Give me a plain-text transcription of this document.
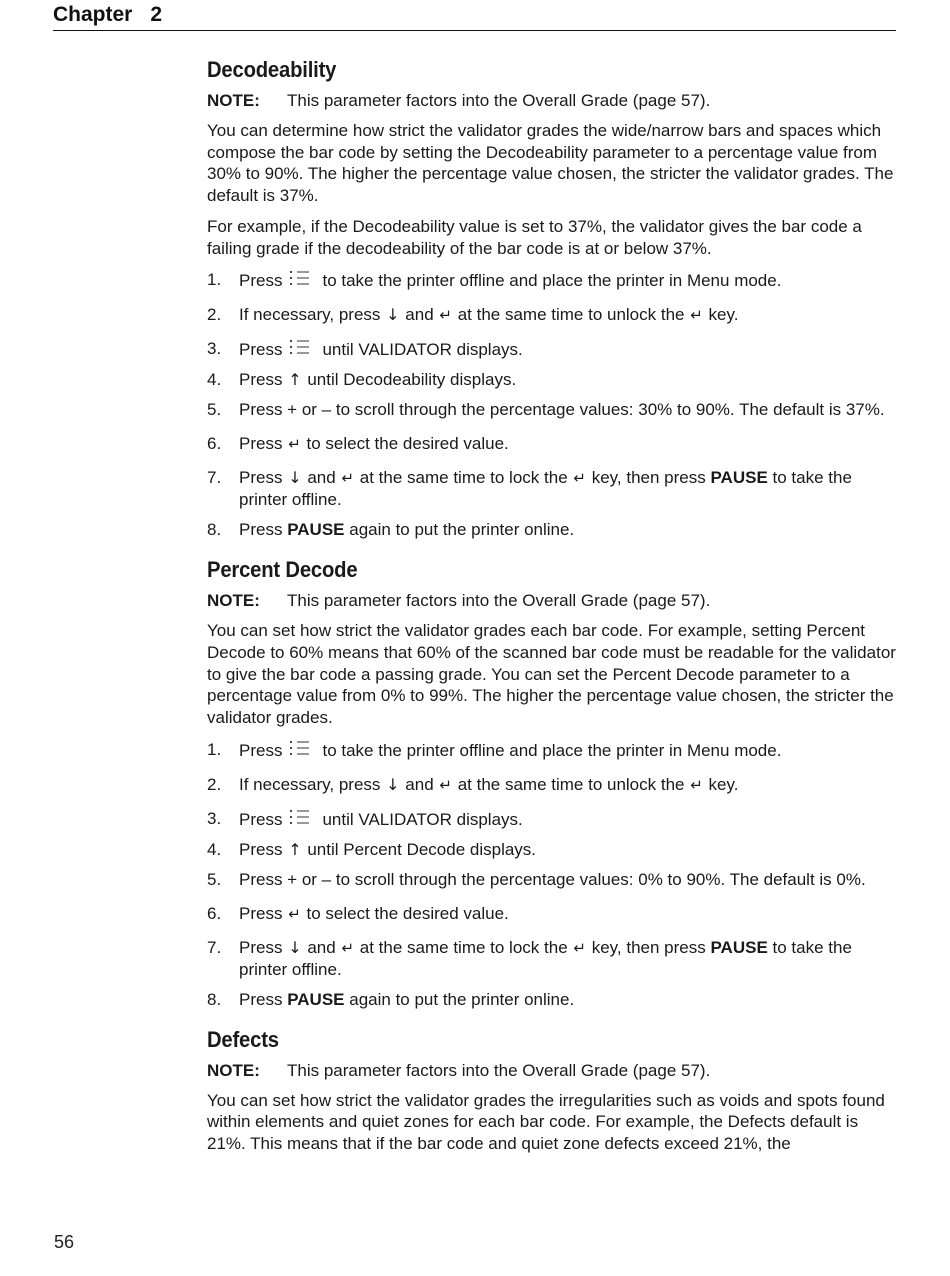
Chapter 2
Decodeability
NOTE: This parameter factors into the Overall Grade (page 57).

You can determine how strict the validator grades the wide/narrow bars and spaces which compose the bar code by setting the Decodeability parameter to a percentage value from 30% to 90%. The higher the percentage value chosen, the stricter the validator grades. The default is 37%.

For example, if the Decodeability value is set to 37%, the validator gives the bar code a failing grade if the decodeability of the bar code is at or below 37%.

1. Press to take the printer offline and place the printer in Menu mode.
2. If necessary, press ↓ and ↵ at the same time to unlock the ↵ key.
3. Press until VALIDATOR displays.
4. Press ↑ until Decodeability displays.
5. Press + or – to scroll through the percentage values: 30% to 90%. The default is 37%.
6. Press ↵ to select the desired value.
7. Press ↓ and ↵ at the same time to lock the ↵ key, then press PAUSE to take the printer offline.
8. Press PAUSE again to put the printer online.
Percent Decode
NOTE: This parameter factors into the Overall Grade (page 57).

You can set how strict the validator grades each bar code. For example, setting Percent Decode to 60% means that 60% of the scanned bar code must be readable for the validator to give the bar code a passing grade. You can set the Percent Decode parameter to a percentage value from 0% to 99%. The higher the percentage value chosen, the stricter the validator grades.

1. Press to take the printer offline and place the printer in Menu mode.
2. If necessary, press ↓ and ↵ at the same time to unlock the ↵ key.
3. Press until VALIDATOR displays.
4. Press ↑ until Percent Decode displays.
5. Press + or – to scroll through the percentage values: 0% to 90%. The default is 0%.
6. Press ↵ to select the desired value.
7. Press ↓ and ↵ at the same time to lock the ↵ key, then press PAUSE to take the printer offline.
8. Press PAUSE again to put the printer online.
Defects
NOTE: This parameter factors into the Overall Grade (page 57).

You can set how strict the validator grades the irregularities such as voids and spots found within elements and quiet zones for each bar code. For example, the Defects default is 21%. This means that if the bar code and quiet zone defects exceed 21%, the

56
